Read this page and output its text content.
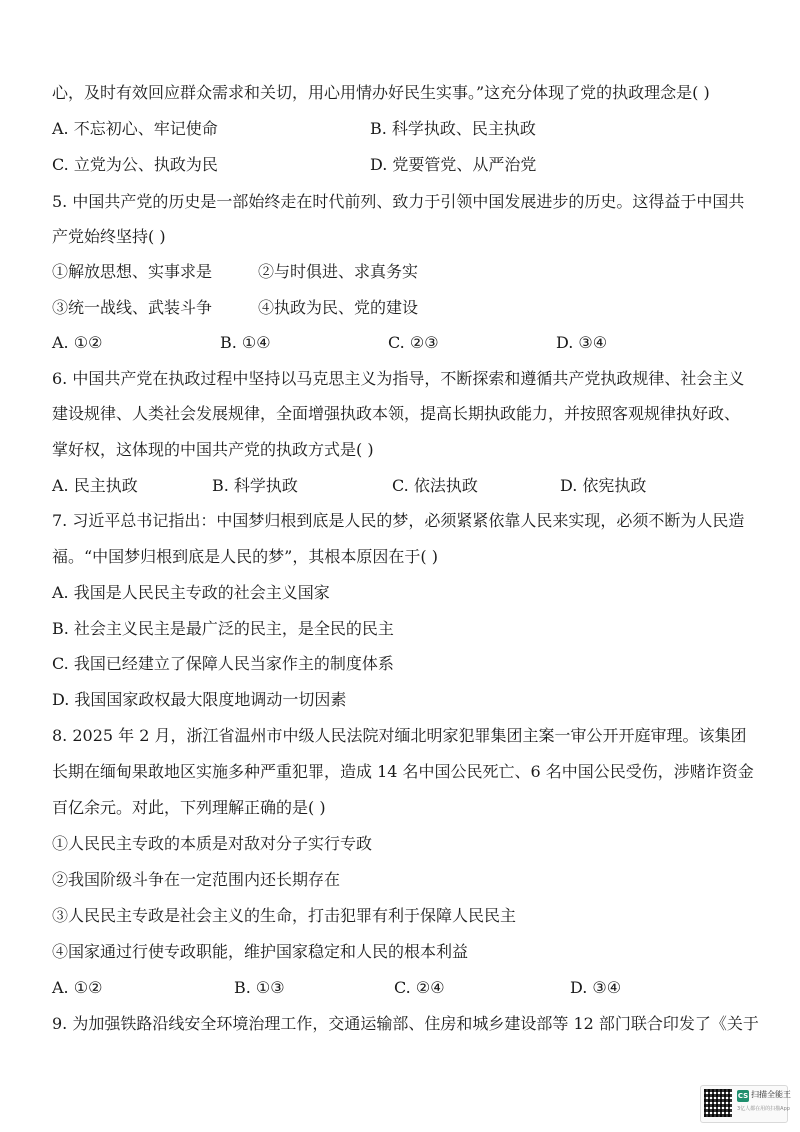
心，及时有效回应群众需求和关切，用心用情办好民生实事。”这充分体现了党的执政理念是( )
A. 不忘初心、牢记使命	B. 科学执政、民主执政
C. 立党为公、执政为民	D. 党要管党、从严治党
5. 中国共产党的历史是一部始终走在时代前列、致力于引领中国发展进步的历史。这得益于中国共
产党始终坚持( )
①解放思想、实事求是	②与时俱进、求真务实
③统一战线、武装斗争	④执政为民、党的建设
A. ①②	B. ①④	C. ②③	D. ③④
6. 中国共产党在执政过程中坚持以马克思主义为指导，不断探索和遵循共产党执政规律、社会主义
建设规律、人类社会发展规律，全面增强执政本领，提高长期执政能力，并按照客观规律执好政、
掌好权，这体现的中国共产党的执政方式是( )
A. 民主执政	B. 科学执政	C. 依法执政	D. 依宪执政
7. 习近平总书记指出：中国梦归根到底是人民的梦，必须紧紧依靠人民来实现，必须不断为人民造
福。“中国梦归根到底是人民的梦”，其根本原因在于( )
A. 我国是人民民主专政的社会主义国家
B. 社会主义民主是最广泛的民主，是全民的民主
C. 我国已经建立了保障人民当家作主的制度体系
D. 我国国家政权最大限度地调动一切因素
8. 2025 年 2 月，浙江省温州市中级人民法院对缅北明家犯罪集团主案一审公开开庭审理。该集团
长期在缅甸果敢地区实施多种严重犯罪，造成 14 名中国公民死亡、6 名中国公民受伤，涉赌诈资金
百亿余元。对此，下列理解正确的是( )
①人民民主专政的本质是对敌对分子实行专政
②我国阶级斗争在一定范围内还长期存在
③人民民主专政是社会主义的生命，打击犯罪有利于保障人民民主
④国家通过行使专政职能，维护国家稳定和人民的根本利益
A. ①②	B. ①③	C. ②④	D. ③④
9. 为加强铁路沿线安全环境治理工作，交通运输部、住房和城乡建设部等 12 部门联合印发了《关于
CS 扫描全能王
3亿人都在用的扫描App
